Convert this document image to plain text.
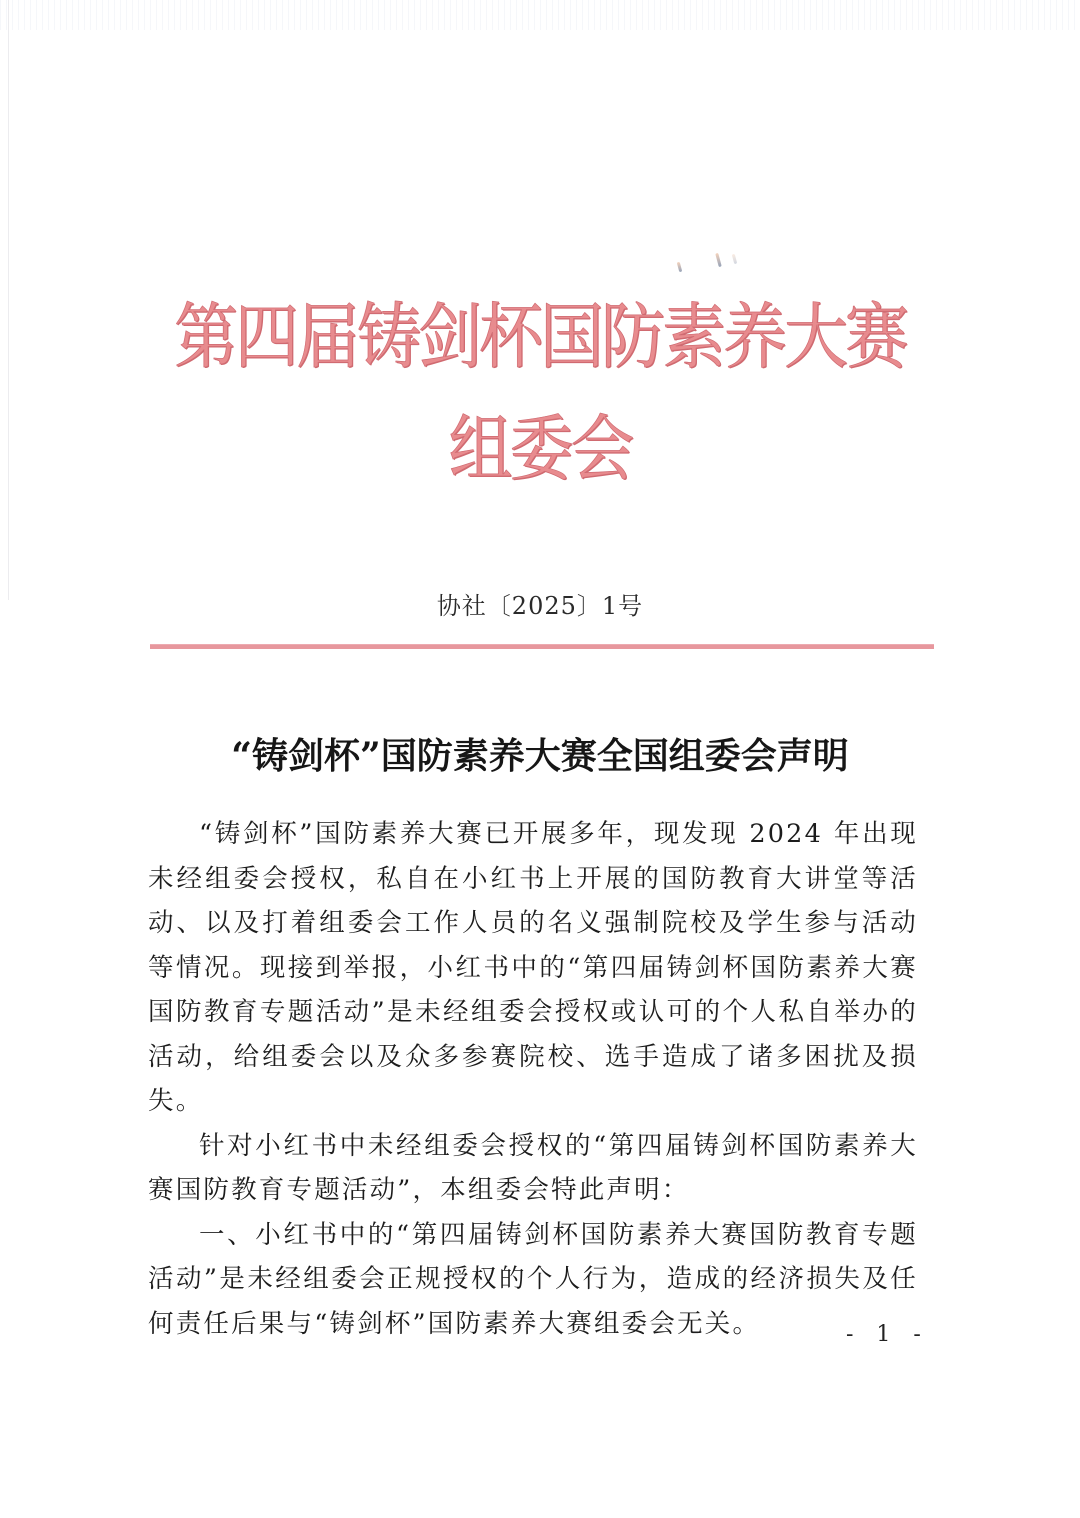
第四届铸剑杯国防素养大赛
组委会
协社〔2025〕1号
“铸剑杯”国防素养大赛全国组委会声明

“铸剑杯”国防素养大赛已开展多年，现发现 2024 年出现未经组委会授权，私自在小红书上开展的国防教育大讲堂等活动、以及打着组委会工作人员的名义强制院校及学生参与活动等情况。现接到举报，小红书中的“第四届铸剑杯国防素养大赛国防教育专题活动”是未经组委会授权或认可的个人私自举办的活动，给组委会以及众多参赛院校、选手造成了诸多困扰及损失。

针对小红书中未经组委会授权的“第四届铸剑杯国防素养大赛国防教育专题活动”，本组委会特此声明：

一、小红书中的“第四届铸剑杯国防素养大赛国防教育专题活动”是未经组委会正规授权的个人行为，造成的经济损失及任何责任后果与“铸剑杯”国防素养大赛组委会无关。	- 1 -
